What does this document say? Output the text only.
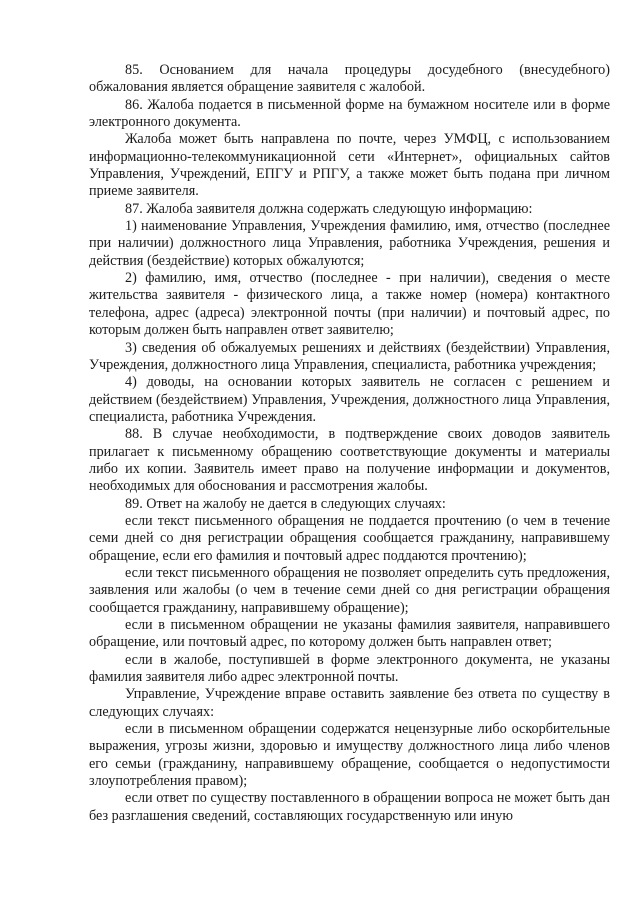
85. Основанием для начала процедуры досудебного (внесудебного) обжалования является обращение заявителя с жалобой.

86. Жалоба подается в письменной форме на бумажном носителе или в форме электронного документа.

Жалоба может быть направлена по почте, через УМФЦ, с использованием информационно-телекоммуникационной сети «Интернет», официальных сайтов Управления, Учреждений, ЕПГУ и РПГУ, а также может быть подана при личном приеме заявителя.

87. Жалоба заявителя должна содержать следующую информацию:

1) наименование Управления, Учреждения фамилию, имя, отчество (последнее при наличии) должностного лица Управления, работника Учреждения, решения и действия (бездействие) которых обжалуются;

2) фамилию, имя, отчество (последнее - при наличии), сведения о месте жительства заявителя - физического лица, а также номер (номера) контактного телефона, адрес (адреса) электронной почты (при наличии) и почтовый адрес, по которым должен быть направлен ответ заявителю;

3) сведения об обжалуемых решениях и действиях (бездействии) Управления, Учреждения, должностного лица Управления, специалиста, работника учреждения;

4) доводы, на основании которых заявитель не согласен с решением и действием (бездействием) Управления, Учреждения, должностного лица Управления, специалиста, работника Учреждения.

88. В случае необходимости, в подтверждение своих доводов заявитель прилагает к письменному обращению соответствующие документы и материалы либо их копии. Заявитель имеет право на получение информации и документов, необходимых для обоснования и рассмотрения жалобы.

89. Ответ на жалобу не дается в следующих случаях:

если текст письменного обращения не поддается прочтению (о чем в течение семи дней со дня регистрации обращения сообщается гражданину, направившему обращение, если его фамилия и почтовый адрес поддаются прочтению);

если текст письменного обращения не позволяет определить суть предложения, заявления или жалобы (о чем в течение семи дней со дня регистрации обращения сообщается гражданину, направившему обращение);

если в письменном обращении не указаны фамилия заявителя, направившего обращение, или почтовый адрес, по которому должен быть направлен ответ;

если в жалобе, поступившей в форме электронного документа, не указаны фамилия заявителя либо адрес электронной почты.

Управление, Учреждение вправе оставить заявление без ответа по существу в следующих случаях:

если в письменном обращении содержатся нецензурные либо оскорбительные выражения, угрозы жизни, здоровью и имуществу должностного лица либо членов его семьи (гражданину, направившему обращение, сообщается о недопустимости злоупотребления правом);

если ответ по существу поставленного в обращении вопроса не может быть дан без разглашения сведений, составляющих государственную или иную
